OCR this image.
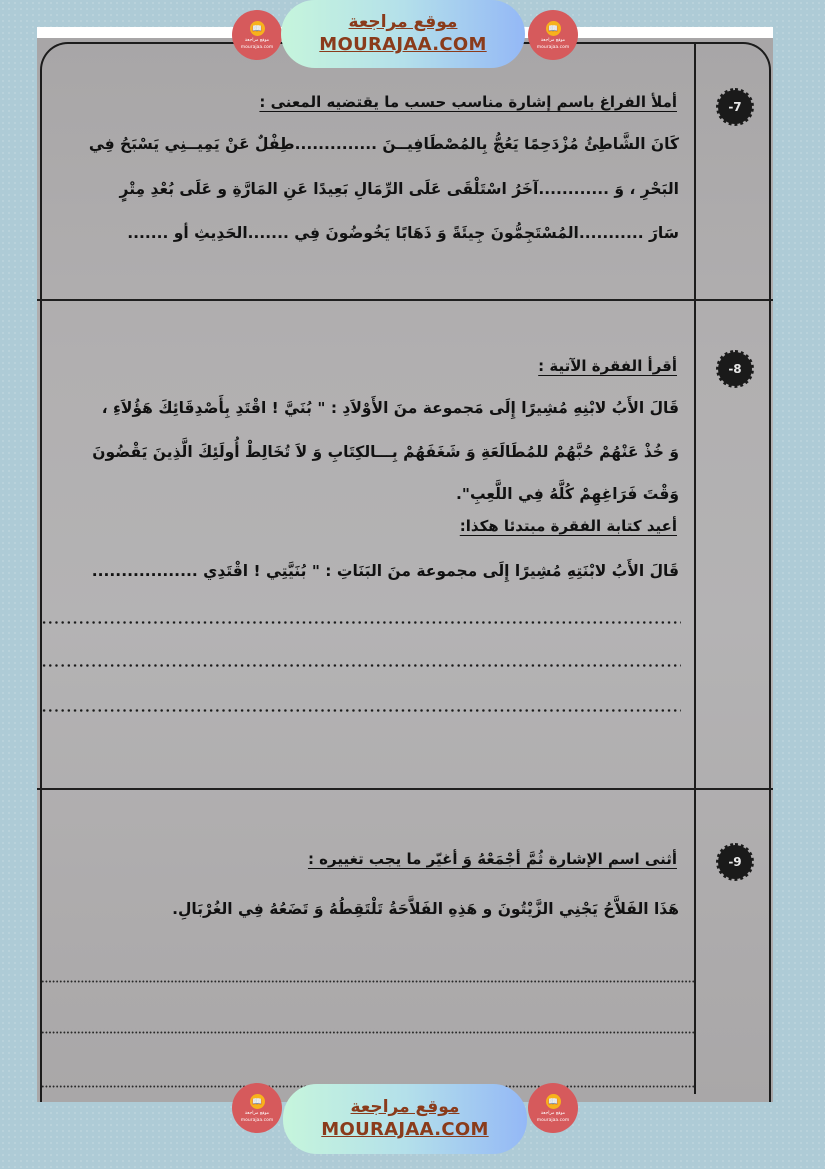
-7
أملأ الفراغ باسم إشارة مناسب حسب ما يقتضيه المعنى :
كَانَ الشَّاطِئُ مُزْدَحِمًا يَعُجُّ بِالمُصْطَافِيــنَ ..............طِفْلٌ عَنْ يَمِيــنِي يَسْبَحُ فِي
البَحْرِ ، وَ ............آخَرُ اسْتَلْقَى عَلَى الرِّمَالِ بَعِيدًا عَنِ المَارَّةِ و عَلَى بُعْدِ مِتْرٍ
سَارَ ...........المُسْتَجِمُّونَ جِيئَةً وَ ذَهَابًا يَخُوضُونَ فِي .......الحَدِيثِ أو .......
-8
أقرأ الفقرة الآتية :
قَالَ الأَبُ لابْنِهِ مُشِيرًا إِلَى مَجموعة منَ الأَوْلاَدِ : " بُنَيَّ ! اقْتَدِ بِأَصْدِقَائِكَ هَؤُلاَءِ ،
وَ خُذْ عَنْهُمْ حُبَّهُمْ للمُطَالَعَةِ وَ شَغَفَهُمْ بِـــالكِتَابِ وَ لاَ تُخَالِطْ أُولَئِكَ الَّذِينَ يَقْضُونَ
وَقْتَ فَرَاغِهِمْ كُلَّهُ فِي اللَّعِبِ".
أعيد كتابة الفقرة مبتدئا هكذا:
قَالَ الأَبُ لابْنَتِهِ مُشِيرًا إِلَى مجموعة منَ البَنَاتِ : " بُنَيَّتِي ! اقْتَدِي ..................
-9
أثنى اسم الإشارة ثُمَّ أجْمَعْهُ وَ أغيّر ما يجب تغييره :
هَذَا الفَلاَّحُ يَجْنِي الزَّيْتُونَ و هَذِهِ الفَلاَّحَةُ تَلْتَقِطُهُ وَ تَضَعُهُ فِي الغُرْبَالِ.
📖
موقع مراجعة
mourajaa.com
موقع مراجعة
MOURAJAA.COM
📖
موقع مراجعة
mourajaa.com
📖
موقع مراجعة
mourajaa.com
موقع مراجعة
MOURAJAA.COM
📖
موقع مراجعة
mourajaa.com
